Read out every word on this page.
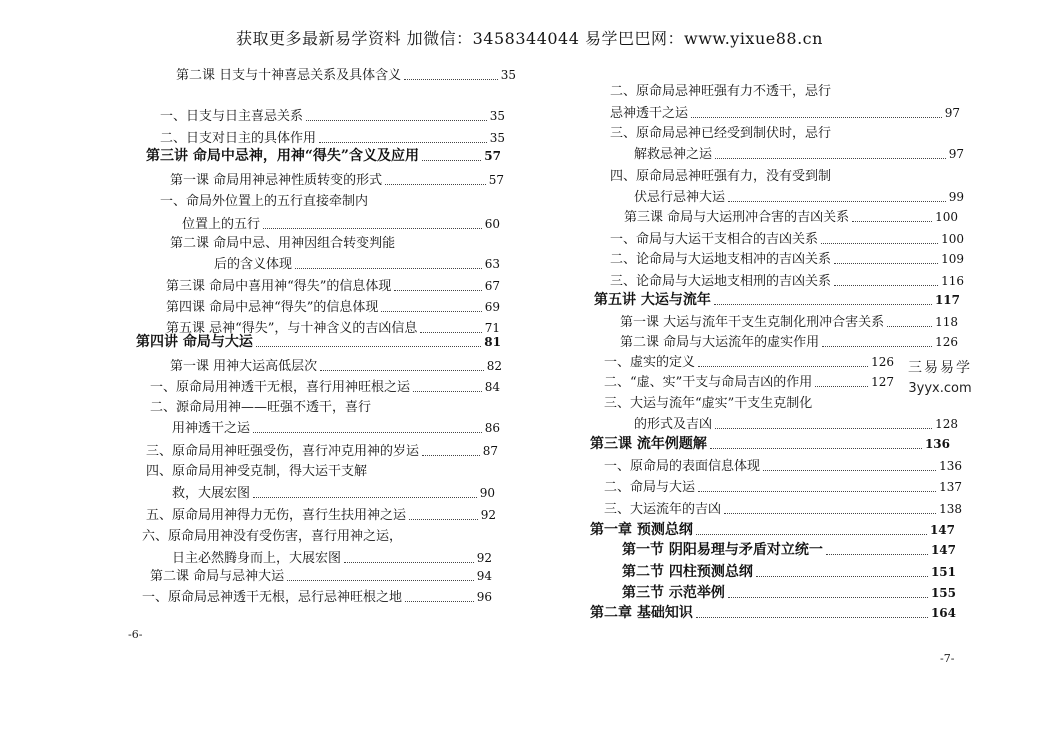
获取更多最新易学资料 加微信：3458344044 易学巴巴网：www.yixue88.cn
第二课 日支与十神喜忌关系及具体含义	35
一、日支与日主喜忌关系	35
二、日支对日主的具体作用	35
第三讲 命局中忌神，用神“得失”含义及应用	57
第一课 命局用神忌神性质转变的形式	57
一、命局外位置上的五行直接牵制内
位置上的五行	60
第二课 命局中忌、用神因组合转变判能
后的含义体现	63
第三课 命局中喜用神“得失”的信息体现	67
第四课 命局中忌神“得失”的信息体现	69
第五课 忌神“得失”，与十神含义的吉凶信息	71
第四讲 命局与大运	81
第一课 用神大运高低层次	82
一、原命局用神透干无根，喜行用神旺根之运	84
二、源命局用神——旺强不透干，喜行
用神透干之运	86
三、原命局用神旺强受伤，喜行冲克用神的岁运	87
四、原命局用神受克制，得大运干支解
救，大展宏图	90
五、原命局用神得力无伤，喜行生扶用神之运	92
六、原命局用神没有受伤害，喜行用神之运，
日主必然腾身而上，大展宏图	92
第二课 命局与忌神大运	94
一、原命局忌神透干无根，忌行忌神旺根之地	96
二、原命局忌神旺强有力不透干，忌行
忌神透干之运	97
三、原命局忌神已经受到制伏时，忌行
解救忌神之运	97
四、原命局忌神旺强有力，没有受到制
伏忌行忌神大运	99
第三课 命局与大运刑冲合害的吉凶关系	100
一、命局与大运干支相合的吉凶关系	100
二、论命局与大运地支相冲的吉凶关系	109
三、论命局与大运地支相刑的吉凶关系	116
第五讲 大运与流年	117
第一课 大运与流年干支生克制化刑冲合害关系	118
第二课 命局与大运流年的虚实作用	126
一、虚实的定义	126
二、“虚、实”干支与命局吉凶的作用	127
三、大运与流年“虚实”干支生克制化
的形式及吉凶	128
第三课 流年例题解	136
一、原命局的表面信息体现	136
二、命局与大运	137
三、大运流年的吉凶	138
第一章 预测总纲	147
第一节 阴阳易理与矛盾对立统一	147
第二节 四柱预测总纲	151
第三节 示范举例	155
第二章 基础知识	164
-6-
-7-
三易易学
3yyx.com
